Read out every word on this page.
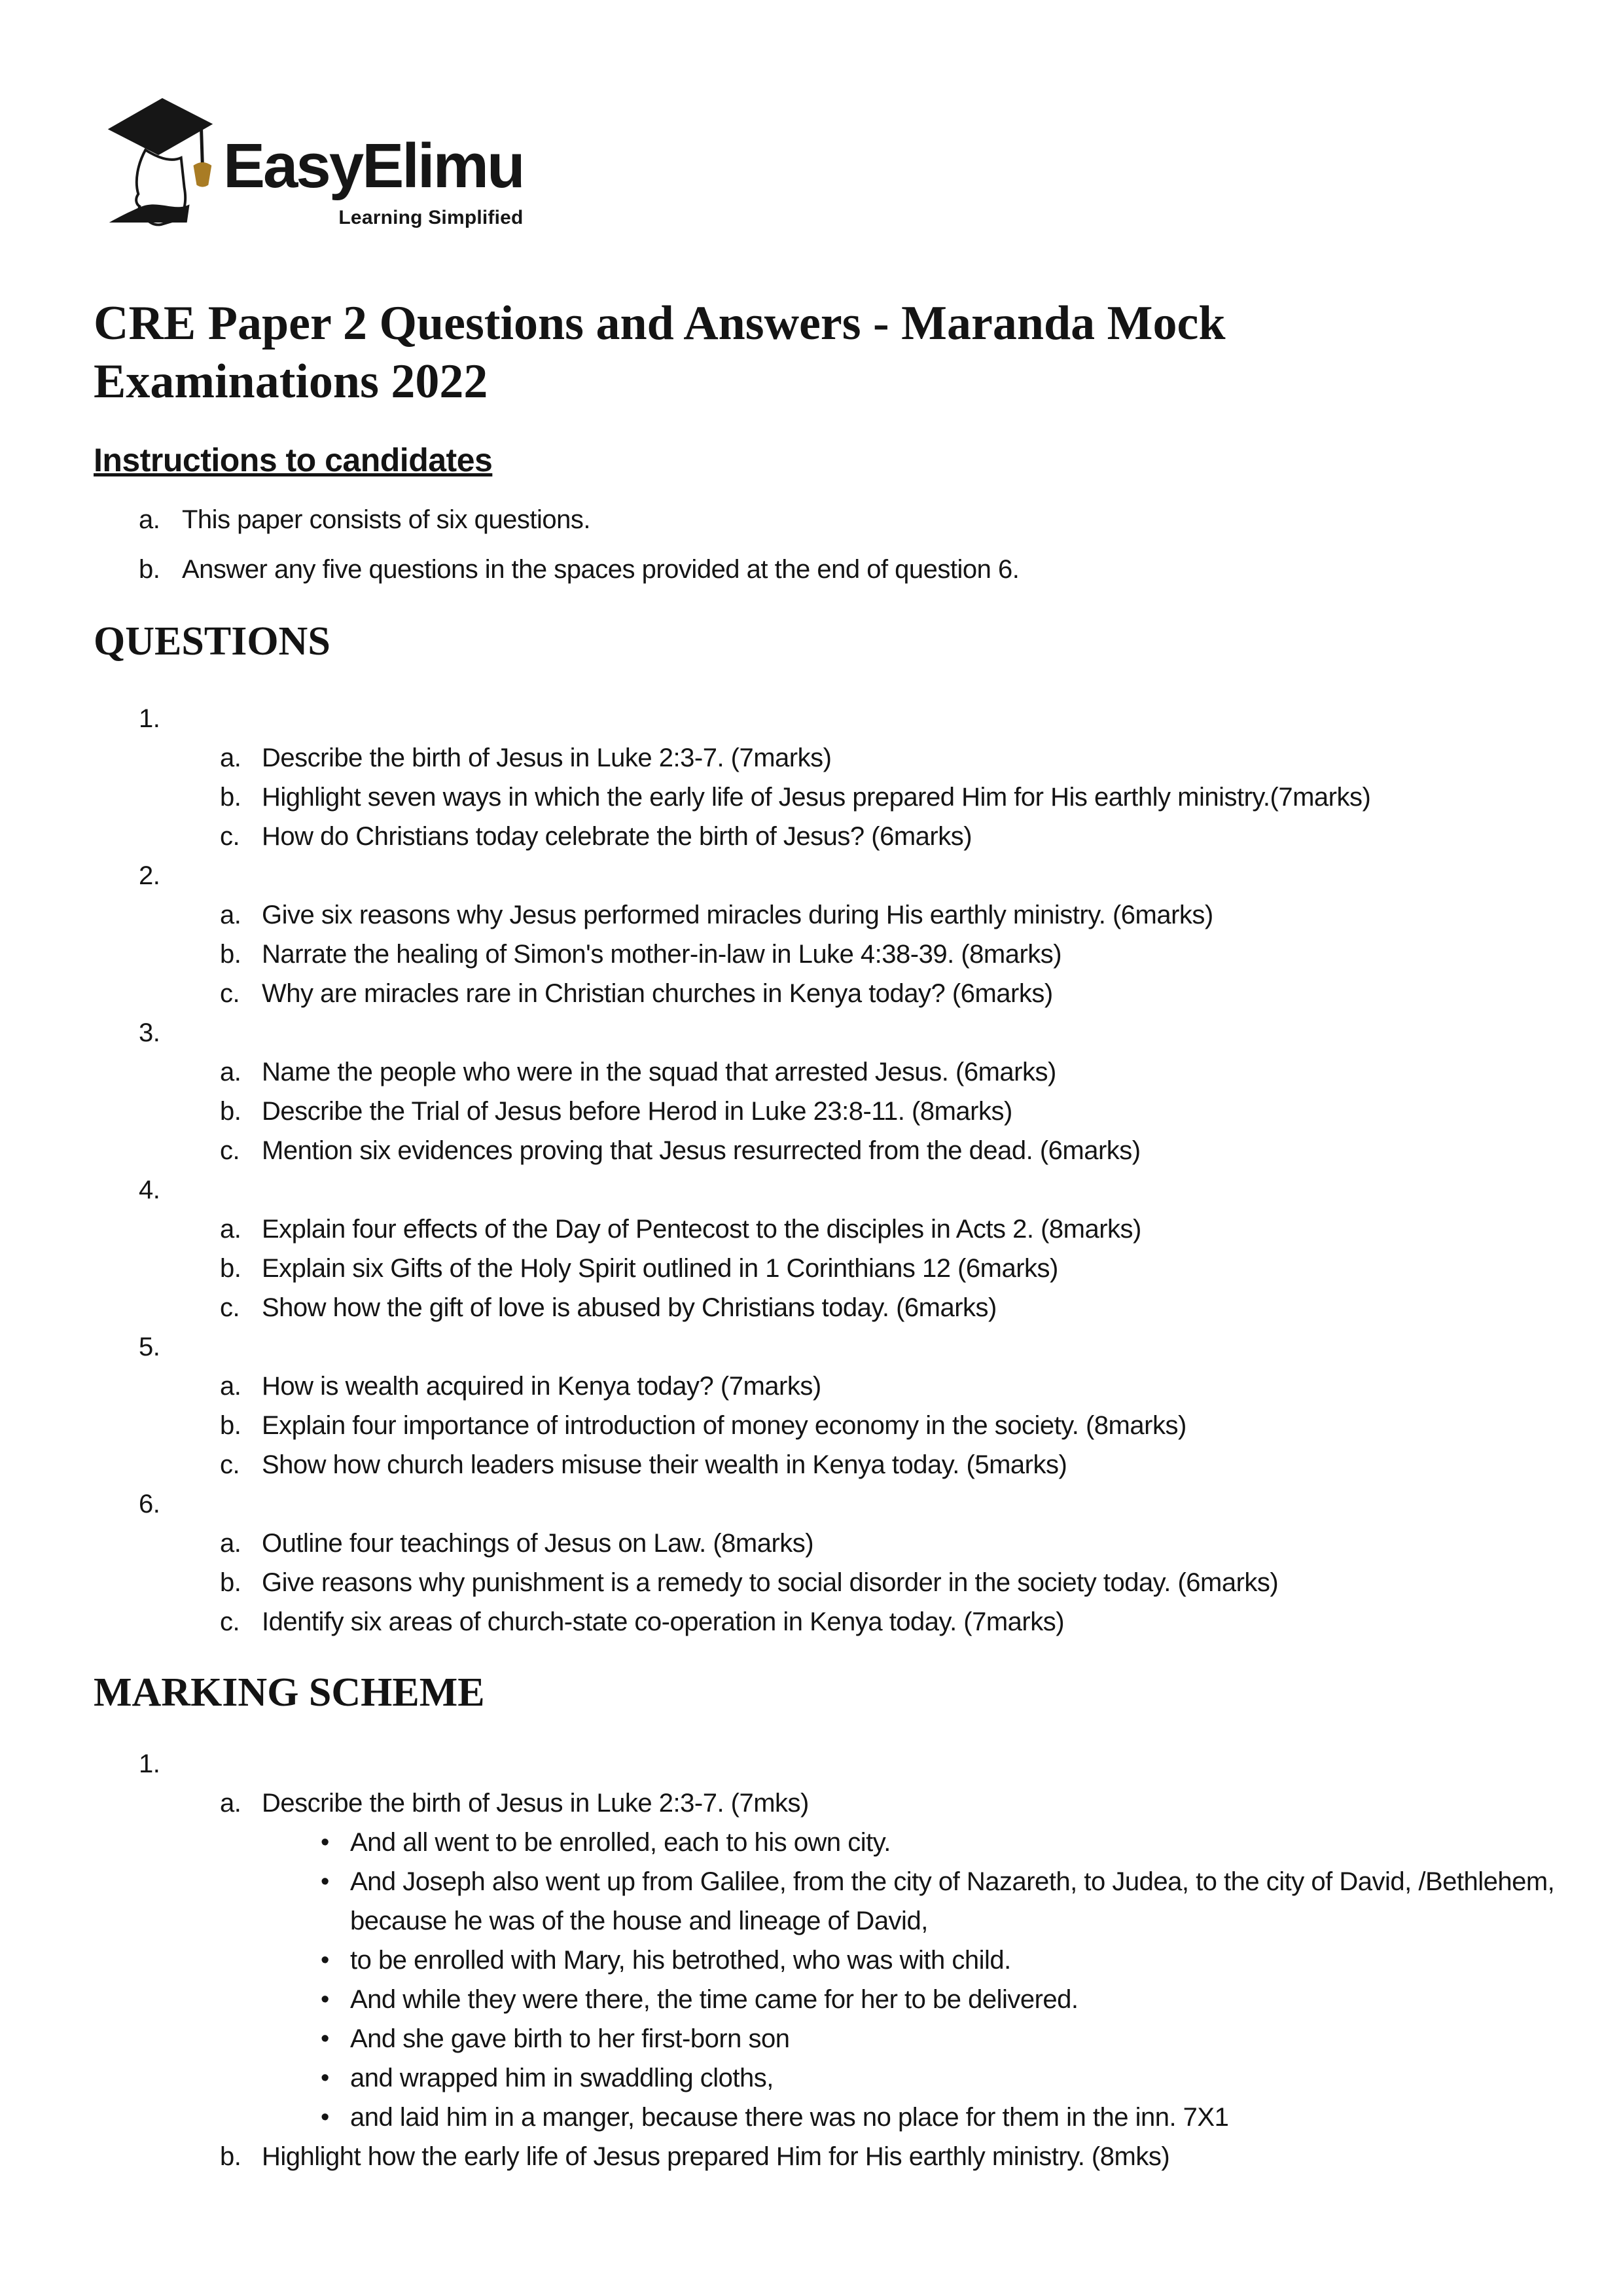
EasyElimu
Learning Simplified
CRE Paper 2 Questions and Answers - Maranda Mock Examinations 2022
Instructions to candidates
a. This paper consists of six questions.
b. Answer any five questions in the spaces provided at the end of question 6.
QUESTIONS
1.
a. Describe the birth of Jesus in Luke 2:3-7. (7marks)
b. Highlight seven ways in which the early life of Jesus prepared Him for His earthly ministry.(7marks)
c. How do Christians today celebrate the birth of Jesus? (6marks)
2.
a. Give six reasons why Jesus performed miracles during His earthly ministry. (6marks)
b. Narrate the healing of Simon's mother-in-law in Luke 4:38-39. (8marks)
c. Why are miracles rare in Christian churches in Kenya today? (6marks)
3.
a. Name the people who were in the squad that arrested Jesus. (6marks)
b. Describe the Trial of Jesus before Herod in Luke 23:8-11. (8marks)
c. Mention six evidences proving that Jesus resurrected from the dead. (6marks)
4.
a. Explain four effects of the Day of Pentecost to the disciples in Acts 2. (8marks)
b. Explain six Gifts of the Holy Spirit outlined in 1 Corinthians 12 (6marks)
c. Show how the gift of love is abused by Christians today. (6marks)
5.
a. How is wealth acquired in Kenya today? (7marks)
b. Explain four importance of introduction of money economy in the society. (8marks)
c. Show how church leaders misuse their wealth in Kenya today. (5marks)
6.
a. Outline four teachings of Jesus on Law. (8marks)
b. Give reasons why punishment is a remedy to social disorder in the society today. (6marks)
c. Identify six areas of church-state co-operation in Kenya today. (7marks)
MARKING SCHEME
1.
a. Describe the birth of Jesus in Luke 2:3-7. (7mks)
• And all went to be enrolled, each to his own city.
• And Joseph also went up from Galilee, from the city of Nazareth, to Judea, to the city of David, /Bethlehem, because he was of the house and lineage of David,
• to be enrolled with Mary, his betrothed, who was with child.
• And while they were there, the time came for her to be delivered.
• And she gave birth to her first-born son
• and wrapped him in swaddling cloths,
• and laid him in a manger, because there was no place for them in the inn. 7X1
b. Highlight how the early life of Jesus prepared Him for His earthly ministry. (8mks)
